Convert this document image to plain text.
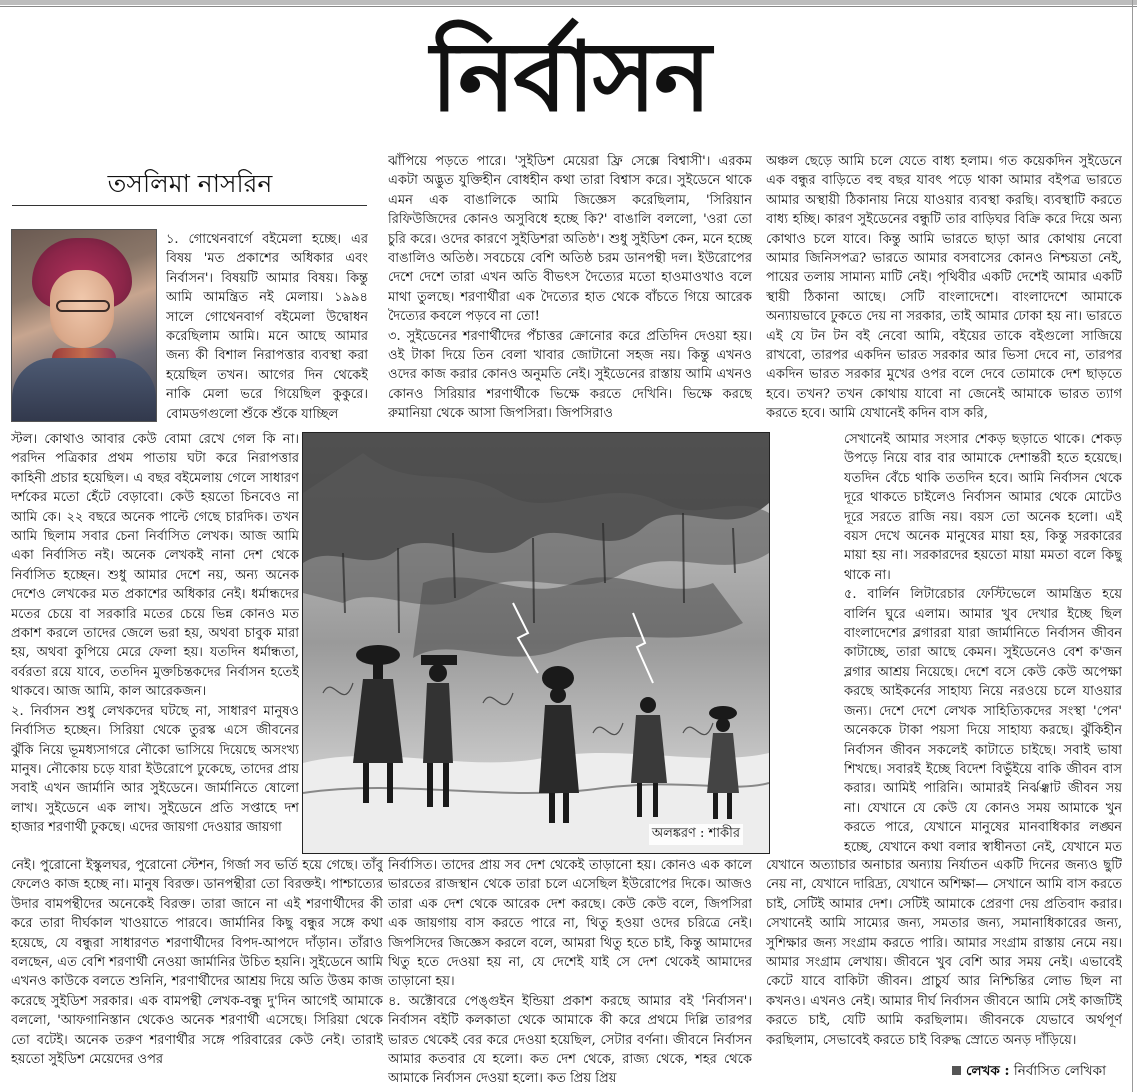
নির্বাসন
তসলিমা নাসরিন

১. গোথেনবার্গে বইমেলা হচ্ছে। এর বিষয় 'মত প্রকাশের অধিকার এবং নির্বাসন'। বিষয়টি আমার বিষয়। কিন্তু আমি আমন্ত্রিত নই মেলায়। ১৯৯৪ সালে গোথেনবার্গ বইমেলা উদ্বোধন করেছিলাম আমি। মনে আছে আমার জন্য কী বিশাল নিরাপত্তার ব্যবস্থা করা হয়েছিল তখন। আগের দিন থেকেই নাকি মেলা ভরে গিয়েছিল কুকুরে। বোমডগগুলো শুঁকে শুঁকে যাচ্ছিল

স্টল। কোথাও আবার কেউ বোমা রেখে গেল কি না। পরদিন পত্রিকার প্রথম পাতায় ঘটা করে নিরাপত্তার কাহিনী প্রচার হয়েছিল। এ বছর বইমেলায় গেলে সাধারণ দর্শকের মতো হেঁটে বেড়াবো। কেউ হয়তো চিনবেও না আমি কে। ২২ বছরে অনেক পাল্টে গেছে চারদিক। তখন আমি ছিলাম সবার চেনা নির্বাসিত লেখক। আজ আমি একা নির্বাসিত নই। অনেক লেখকই নানা দেশ থেকে নির্বাসিত হচ্ছেন। শুধু আমার দেশে নয়, অন্য অনেক দেশেও লেখকের মত প্রকাশের অধিকার নেই। ধর্মান্ধদের মতের চেয়ে বা সরকারি মতের চেয়ে ভিন্ন কোনও মত প্রকাশ করলে তাদের জেলে ভরা হয়, অথবা চাবুক মারা হয়, অথবা কুপিয়ে মেরে ফেলা হয়। যতদিন ধর্মান্ধতা, বর্বরতা রয়ে যাবে, ততদিন মুক্তচিন্তকদের নির্বাসন হতেই থাকবে। আজ আমি, কাল আরেকজন।

২. নির্বাসন শুধু লেখকদের ঘটছে না, সাধারণ মানুষও নির্বাসিত হচ্ছেন। সিরিয়া থেকে তুরস্ক এসে জীবনের ঝুঁকি নিয়ে ভূমধ্যসাগরে নৌকো ভাসিয়ে দিয়েছে অসংখ্য মানুষ। নৌকোয় চড়ে যারা ইউরোপে ঢুকেছে, তাদের প্রায় সবাই এখন জার্মানি আর সুইডেনে। জার্মানিতে ষোলো লাখ। সুইডেনে এক লাখ। সুইডেনে প্রতি সপ্তাহে দশ হাজার শরণার্থী ঢুকছে। এদের জায়গা দেওয়ার জায়গা

নেই। পুরোনো ইস্কুলঘর, পুরোনো স্টেশন, গির্জা সব ভর্তি হয়ে গেছে। তাঁবু ফেলেও কাজ হচ্ছে না। মানুষ বিরক্ত। ডানপন্থীরা তো বিরক্তই। পাশ্চাত্যের উদার বামপন্থীদের অনেকেই বিরক্ত। তারা জানে না এই শরণার্থীদের কী করে তারা দীর্ঘকাল খাওয়াতে পারবে। জার্মানির কিছু বন্ধুর সঙ্গে কথা হয়েছে, যে বন্ধুরা সাধারণত শরণার্থীদের বিপদ-আপদে দাঁড়ান। তাঁরাও বলছেন, এত বেশি শরণার্থী নেওয়া জার্মানির উচিত হয়নি। সুইডেনে আমি এখনও কাউকে বলতে শুনিনি, শরণার্থীদের আশ্রয় দিয়ে অতি উত্তম কাজ করেছে সুইডিশ সরকার। এক বামপন্থী লেখক-বন্ধু দু'দিন আগেই আমাকে বললো, 'আফগানিস্তান থেকেও অনেক শরণার্থী এসেছে। সিরিয়া থেকে তো বটেই। অনেক তরুণ শরণার্থীর সঙ্গে পরিবারের কেউ নেই। তারাই হয়তো সুইডিশ মেয়েদের ওপর

ঝাঁপিয়ে পড়তে পারে। 'সুইডিশ মেয়েরা ফ্রি সেক্সে বিশ্বাসী'। এরকম একটা অদ্ভুত যুক্তিহীন বোধহীন কথা তারা বিশ্বাস করে। সুইডেনে থাকে এমন এক বাঙালিকে আমি জিজ্ঞেস করেছিলাম, 'সিরিয়ান রিফিউজিদের কোনও অসুবিধে হচ্ছে কি?' বাঙালি বললো, 'ওরা তো চুরি করে। ওদের কারণে সুইডিশরা অতিষ্ঠ'। শুধু সুইডিশ কেন, মনে হচ্ছে বাঙালিও অতিষ্ঠ। সবচেয়ে বেশি অতিষ্ঠ চরম ডানপন্থী দল। ইউরোপের দেশে দেশে তারা এখন অতি বীভৎস দৈত্যের মতো হাওমাওখাও বলে মাথা তুলছে। শরণার্থীরা এক দৈত্যের হাত থেকে বাঁচতে গিয়ে আরেক দৈত্যের কবলে পড়বে না তো!

৩. সুইডেনের শরণার্থীদের পঁচাত্তর ক্রোনোর করে প্রতিদিন দেওয়া হয়। ওই টাকা দিয়ে তিন বেলা খাবার জোটানো সহজ নয়। কিন্তু এখনও ওদের কাজ করার কোনও অনুমতি নেই। সুইডেনের রাস্তায় আমি এখনও কোনও সিরিয়ার শরণার্থীকে ভিক্ষে করতে দেখিনি। ভিক্ষে করছে রুমানিয়া থেকে আসা জিপসিরা। জিপসিরাও

নির্বাসিত। তাদের প্রায় সব দেশ থেকেই তাড়ানো হয়। কোনও এক কালে ভারতের রাজস্থান থেকে তারা চলে এসেছিল ইউরোপের দিকে। আজও তারা এক দেশ থেকে আরেক দেশ করছে। কেউ কেউ বলে, জিপসিরা এক জায়গায় বাস করতে পারে না, থিতু হওয়া ওদের চরিত্রে নেই। জিপসিদের জিজ্ঞেস করলে বলে, আমরা থিতু হতে চাই, কিন্তু আমাদের থিতু হতে দেওয়া হয় না, যে দেশেই যাই সে দেশ থেকেই আমাদের তাড়ানো হয়।

৪. অক্টোবরে পেঙ্গুইন ইন্ডিয়া প্রকাশ করছে আমার বই 'নির্বাসন'। নির্বাসন বইটি কলকাতা থেকে আমাকে কী করে প্রথমে দিল্লি তারপর ভারত থেকেই বের করে দেওয়া হয়েছিল, সেটার বর্ণনা। জীবনে নির্বাসন আমার কতবার যে হলো। কত দেশ থেকে, রাজ্য থেকে, শহর থেকে আমাকে নির্বাসন দেওয়া হলো। কত প্রিয় প্রিয়

অঞ্চল ছেড়ে আমি চলে যেতে বাধ্য হলাম। গত কয়েকদিন সুইডেনে এক বন্ধুর বাড়িতে বহু বছর যাবৎ পড়ে থাকা আমার বইপত্র ভারতে আমার অস্থায়ী ঠিকানায় নিয়ে যাওয়ার ব্যবস্থা করছি। ব্যবস্থাটি করতে বাধ্য হচ্ছি। কারণ সুইডেনের বন্ধুটি তার বাড়িঘর বিক্রি করে দিয়ে অন্য কোথাও চলে যাবে। কিন্তু আমি ভারতে ছাড়া আর কোথায় নেবো আমার জিনিসপত্র? ভারতে আমার বসবাসের কোনও নিশ্চয়তা নেই, পায়ের তলায় সামান্য মাটি নেই। পৃথিবীর একটি দেশেই আমার একটি স্থায়ী ঠিকানা আছে। সেটি বাংলাদেশে। বাংলাদেশে আমাকে অন্যায়ভাবে ঢুকতে দেয় না সরকার, তাই আমার ঢোকা হয় না। ভারতে এই যে টন টন বই নেবো আমি, বইয়ের তাকে বইগুলো সাজিয়ে রাখবো, তারপর একদিন ভারত সরকার আর ভিসা দেবে না, তারপর একদিন ভারত সরকার মুখের ওপর বলে দেবে তোমাকে দেশ ছাড়তে হবে। তখন? তখন কোথায় যাবো না জেনেই আমাকে ভারত ত্যাগ করতে হবে। আমি যেখানেই কদিন বাস করি,

সেখানেই আমার সংসার শেকড় ছড়াতে থাকে। শেকড় উপড়ে নিয়ে বার বার আমাকে দেশান্তরী হতে হয়েছে। যতদিন বেঁচে থাকি ততদিন হবে। আমি নির্বাসন থেকে দূরে থাকতে চাইলেও নির্বাসন আমার থেকে মোটেও দূরে সরতে রাজি নয়। বয়স তো অনেক হলো। এই বয়স দেখে অনেক মানুষের মায়া হয়, কিন্তু সরকারের মায়া হয় না। সরকারদের হয়তো মায়া মমতা বলে কিছু থাকে না।

৫. বার্লিন লিটারেচার ফেস্টিভেলে আমন্ত্রিত হয়ে বার্লিন ঘুরে এলাম। আমার খুব দেখার ইচ্ছে ছিল বাংলাদেশের ব্লগাররা যারা জার্মানিতে নির্বাসন জীবন কাটাচ্ছে, তারা আছে কেমন। সুইডেনেও বেশ ক'জন ব্লগার আশ্রয় নিয়েছে। দেশে বসে কেউ কেউ অপেক্ষা করছে আইকর্নের সাহায্য নিয়ে নরওয়ে চলে যাওয়ার জন্য। দেশে দেশে লেখক সাহিত্যিকদের সংস্থা 'পেন' অনেককে টাকা পয়সা দিয়ে সাহায্য করছে। ঝুঁকিহীন নির্বাসন জীবন সকলেই কাটাতে চাইছে। সবাই ভাষা শিখছে। সবারই ইচ্ছে বিদেশ বিভুঁইয়ে বাকি জীবন বাস করার। আমিই পারিনি। আমারই নির্ঝঞ্ঝাট জীবন সয় না। যেখানে যে কেউ যে কোনও সময় আমাকে খুন করতে পারে, যেখানে মানুষের মানবাধিকার লঙ্ঘন হচ্ছে, যেখানে কথা বলার স্বাধীনতা নেই, যেখানে মত

যেখানে অত্যাচার অনাচার অন্যায় নির্যাতন একটি দিনের জন্যও ছুটি নেয় না, যেখানে দারিদ্র্য, যেখানে অশিক্ষা— সেখানে আমি বাস করতে চাই, সেটিই আমার দেশ। সেটিই আমাকে প্রেরণা দেয় প্রতিবাদ করার। সেখানেই আমি সাম্যের জন্য, সমতার জন্য, সমানাধিকারের জন্য, সুশিক্ষার জন্য সংগ্রাম করতে পারি। আমার সংগ্রাম রাস্তায় নেমে নয়। আমার সংগ্রাম লেখায়। জীবনে খুব বেশি আর সময় নেই। এভাবেই কেটে যাবে বাকিটা জীবন। প্রাচুর্য আর নিশ্চিন্তির লোভ ছিল না কখনও। এখনও নেই। আমার দীর্ঘ নির্বাসন জীবনে আমি সেই কাজটিই করতে চাই, যেটি আমি করছিলাম। জীবনকে যেভাবে অর্থপূর্ণ করছিলাম, সেভাবেই করতে চাই বিরুদ্ধ স্রোতে অনড় দাঁড়িয়ে।

অলঙ্করণ : শাকীর
লেখক : নির্বাসিত লেখিকা
